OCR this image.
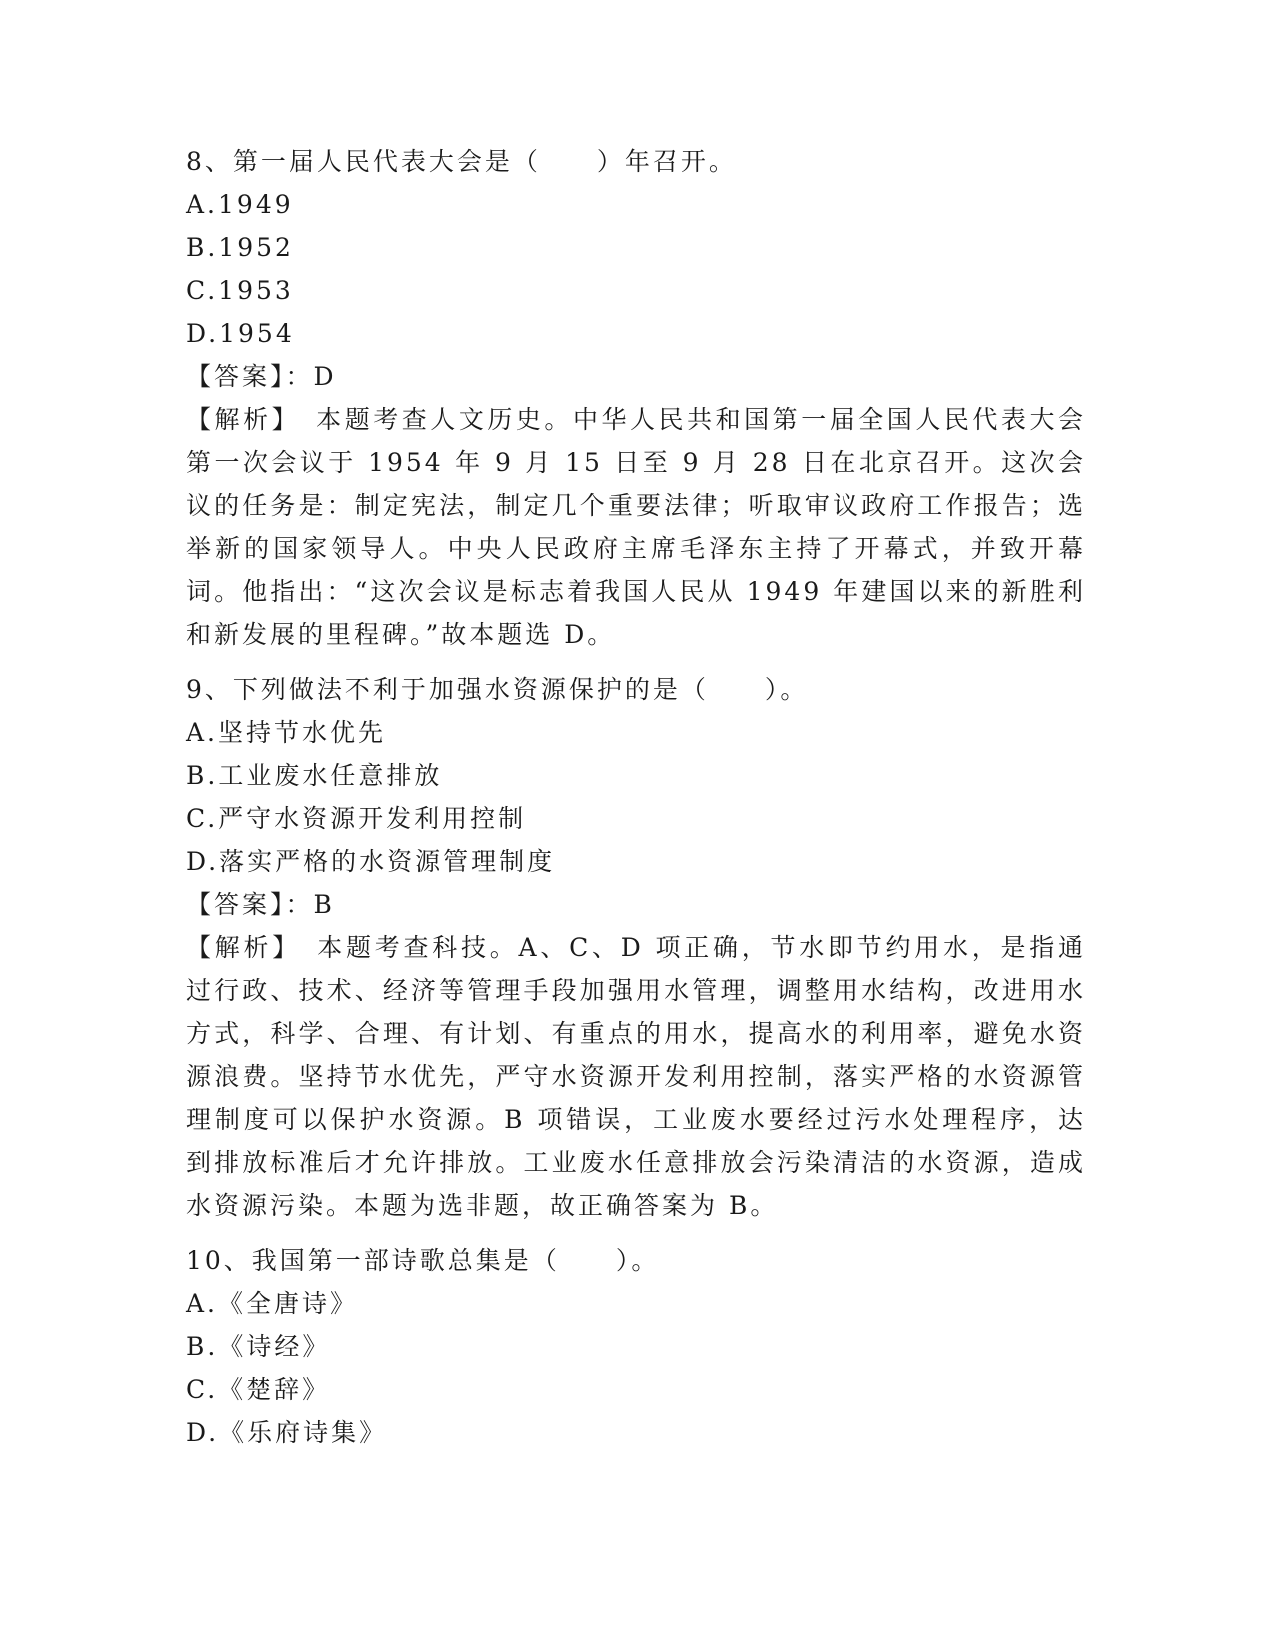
8、第一届人民代表大会是（　　）年召开。
A.1949
B.1952
C.1953
D.1954
【答案】：D
【解析】　本题考查人文历史。中华人民共和国第一届全国人民代表大会第一次会议于 1954 年 9 月 15 日至 9 月 28 日在北京召开。这次会议的任务是：制定宪法，制定几个重要法律；听取审议政府工作报告；选举新的国家领导人。中央人民政府主席毛泽东主持了开幕式，并致开幕词。他指出：“这次会议是标志着我国人民从 1949 年建国以来的新胜利和新发展的里程碑。”故本题选 D。
9、下列做法不利于加强水资源保护的是（　　）。
A.坚持节水优先
B.工业废水任意排放
C.严守水资源开发利用控制
D.落实严格的水资源管理制度
【答案】：B
【解析】　本题考查科技。A、C、D 项正确，节水即节约用水，是指通过行政、技术、经济等管理手段加强用水管理，调整用水结构，改进用水方式，科学、合理、有计划、有重点的用水，提高水的利用率，避免水资源浪费。坚持节水优先，严守水资源开发利用控制，落实严格的水资源管理制度可以保护水资源。B 项错误，工业废水要经过污水处理程序，达到排放标准后才允许排放。工业废水任意排放会污染清洁的水资源，造成水资源污染。本题为选非题，故正确答案为 B。
10、我国第一部诗歌总集是（　　）。
A.《全唐诗》
B.《诗经》
C.《楚辞》
D.《乐府诗集》
